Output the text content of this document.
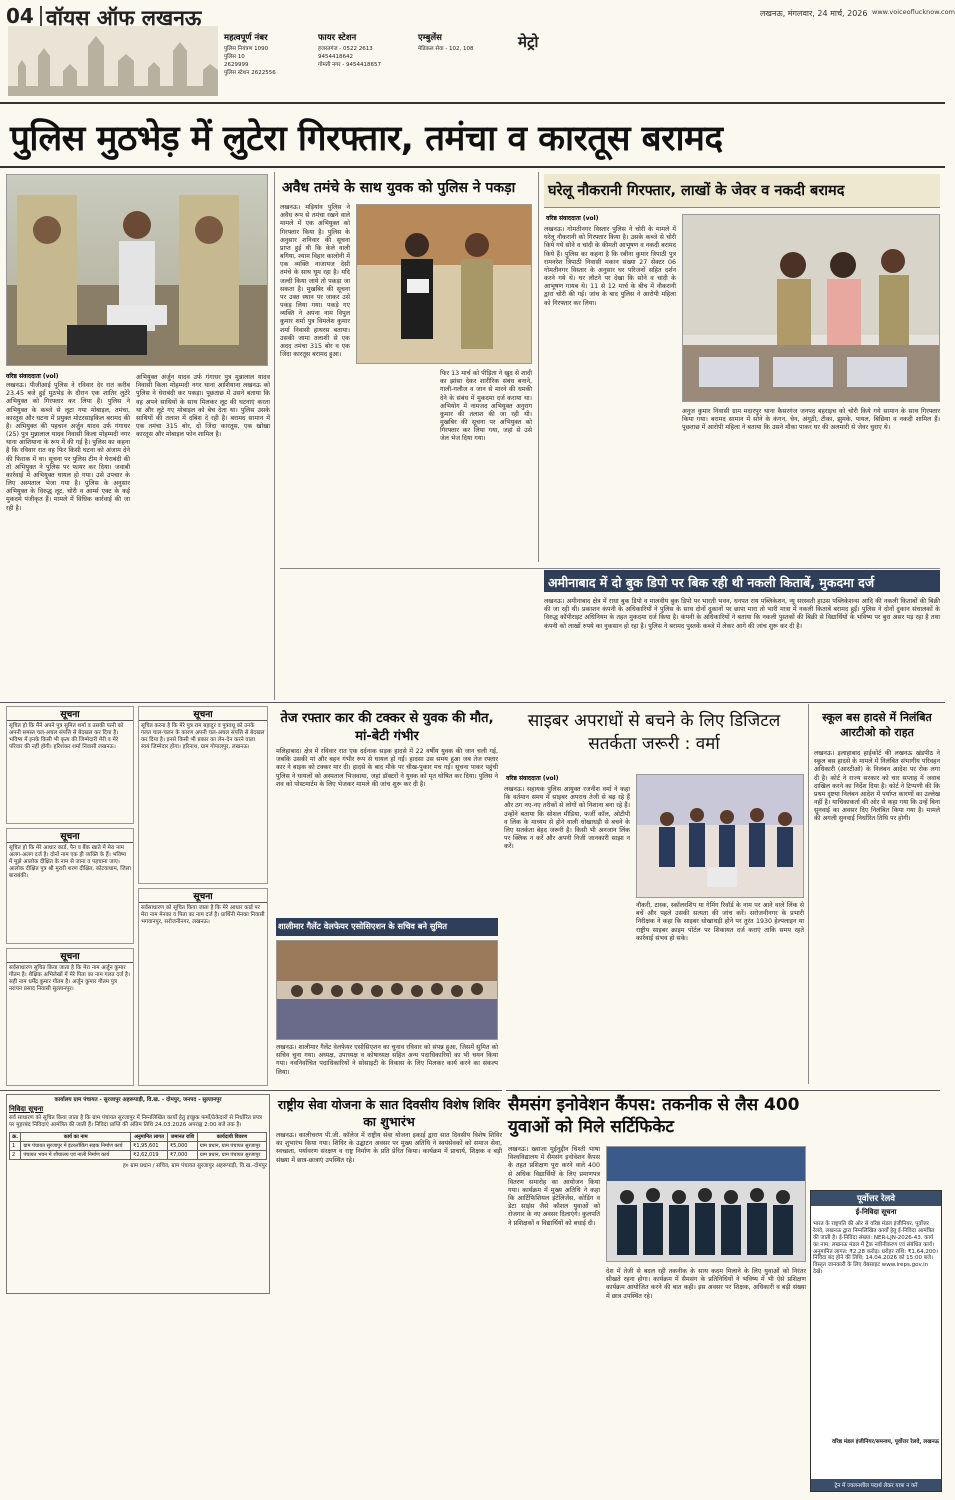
04 वॉयस ऑफ लखनऊ	लखनऊ, मंगलवार, 24 मार्च, 2026 www.voiceoflucknow.com
महत्वपूर्ण नंबर

पुलिस नियंत्रण 1090

पुलिस 10

2629999

पुलिस स्टेशन 2622556

फायर स्टेशन

हजरतगंज - 0522 2613

9454418642

गोमती नगर - 9454418657

एम्बुलेंस

मेडिकल सेवा - 102, 108	मेट्रो
पुलिस मुठभेड़ में लुटेरा गिरफ्तार, तमंचा व कारतूस बरामद
वरिष्ठ संवाददाता (vol)
लखनऊ। पीजीआई पुलिस ने रविवार देर रात करीब 23.45 बजे हुई मुठभेड़ के दौरान एक शातिर लुटेरे अभियुक्त को गिरफ्तार कर लिया है। पुलिस ने अभियुक्त के कब्जे से लूटा गया मोबाइल, तमंचा, कारतूस और घटना में प्रयुक्त मोटरसाइकिल बरामद की है। अभियुक्त की पहचान अर्जुन यादव उर्फ गंगाधर (25) पुत्र मुन्नालाल यादव निवासी किला मोहम्मदी नगर थाना आशियाना के रूप में की गई है। पुलिस का कहना है कि रविवार रात वह फिर किसी घटना को अंजाम देने की फिराक में था। सूचना पर पुलिस टीम ने घेराबंदी की तो अभियुक्त ने पुलिस पर फायर कर दिया। जवाबी कार्रवाई में अभियुक्त घायल हो गया। उसे उपचार के लिए अस्पताल भेजा गया है। पुलिस के अनुसार अभियुक्त के विरुद्ध लूट, चोरी व आर्म्स एक्ट के कई मुकदमे पंजीकृत हैं। मामले में विधिक कार्रवाई की जा रही है।
अभियुक्त अर्जुन यादव उर्फ गंगाधर पुत्र मुन्नालाल यादव निवासी किला मोहम्मदी नगर थाना आशियाना लखनऊ को पुलिस ने घेराबंदी कर पकड़ा। पूछताछ में उसने बताया कि वह अपने साथियों के साथ मिलकर लूट की घटनाएं करता था और लूटे गए मोबाइल को बेच देता था। पुलिस उसके साथियों की तलाश में दबिश दे रही है। बरामद सामान में एक तमंचा 315 बोर, दो जिंदा कारतूस, एक खोखा कारतूस और मोबाइल फोन शामिल है।
अवैध तमंचे के साथ युवक को पुलिस ने पकड़ा
लखनऊ। मड़ियांव पुलिस ने अवैध रूप से तमंचा रखने वाले मामले में एक अभियुक्त को गिरफ्तार किया है। पुलिस के अनुसार शनिवार की सूचना प्राप्त हुई थी कि केले वाली बगिया, श्याम विहार कालोनी में एक व्यक्ति नाजायज देसी तमंचे के साथ घूम रहा है। यदि जल्दी किया जाये तो पकड़ा जा सकता है। मुखबिर की सूचना पर उक्त स्थान पर जाकर उसे पकड़ लिया गया। पकड़े गए व्यक्ति ने अपना नाम विपुल कुमार शर्मा पुत्र विमलेश कुमार शर्मा निवासी हाथरस बताया। उसकी जामा तलाशी से एक अदद तमंचा 315 बोर व एक जिंदा कारतूस बरामद हुआ।
फिर 13 मार्च को पीड़िता ने खुद से शादी का झांसा देकर शारीरिक संबंध बनाने, गाली-गलौज व जान से मारने की धमकी देने के संबंध में मुकदमा दर्ज कराया था। अभियोग में नामजद अभियुक्त अनुराग कुमार की तलाश की जा रही थी। मुखबिर की सूचना पर अभियुक्त को गिरफ्तार कर लिया गया, जहां से उसे जेल भेज दिया गया।
घरेलू नौकरानी गिरफ्तार, लाखों के जेवर व नकदी बरामद
वरिष्ठ संवाददाता (vol)
लखनऊ। गोमतीनगर विस्तार पुलिस ने चोरी के मामले में घरेलू नौकरानी को गिरफ्तार किया है। उसके कब्जे से चोरी किये गये सोने व चांदी के कीमती आभूषण व नकदी बरामद किये हैं। पुलिस का कहना है कि रबीना कुमार त्रिपाठी पुत्र रामनरेश त्रिपाठी निवासी मकान संख्या 27 सेक्टर 06 गोमतीनगर विस्तार के अनुसार घर परिजनों सहित दर्शन करने गये थे। घर लौटने पर देखा कि सोने व चांदी के आभूषण गायब थे। 11 से 12 मार्च के बीच में नौकरानी द्वारा चोरी की गई। जांच के बाद पुलिस ने आरोपी महिला को गिरफ्तार कर लिया।
अनुज कुमार निवासी ग्राम मदारपुर थाना कैसरगंज जनपद बहराइच को चोरी किये गये सामान के साथ गिरफ्तार किया गया। बरामद सामान में सोने के कंगन, चेन, अंगूठी, टीका, झुमके, पायल, बिछिया व नकदी शामिल हैं। पूछताछ में आरोपी महिला ने बताया कि उसने मौका पाकर घर की अलमारी से जेवर चुराए थे।
अमीनाबाद में दो बुक डिपो पर बिक रही थी नकली किताबें, मुकदमा दर्ज
लखनऊ। अमीनाबाद क्षेत्र में राधा बुक डिपो व मालवीय बुक डिपो पर भारती भवन, धनपत राय पब्लिकेशन, न्यू सरस्वती हाउस पब्लिकेशन्स आदि की नकली किताबों की बिक्री की जा रही थी। प्रकाशन कंपनी के अधिकारियों ने पुलिस के साथ दोनों दुकानों पर छापा मारा तो भारी मात्रा में नकली किताबें बरामद हुईं। पुलिस ने दोनों दुकान संचालकों के विरुद्ध कॉपीराइट अधिनियम के तहत मुकदमा दर्ज किया है। कंपनी के अधिकारियों ने बताया कि नकली पुस्तकों की बिक्री से विद्यार्थियों के भविष्य पर बुरा असर पड़ रहा है तथा कंपनी को लाखों रुपये का नुकसान हो रहा है। पुलिस ने बरामद पुस्तकें कब्जे में लेकर आगे की जांच शुरू कर दी है।
सूचना
सूचित हो कि मैंने अपने पुत्र सुमित शर्मा व उसकी पत्नी को अपनी समस्त चल-अचल संपत्ति से बेदखल कर दिया है। भविष्य में इनके किसी भी कृत्य की जिम्मेदारी मेरी व मेरे परिवार की नहीं होगी। हरिशंकर शर्मा निवासी लखनऊ।
सूचना
सूचित हो कि मेरे आधार कार्ड, पैन व बैंक खाते में मेरा नाम अलग-अलग दर्ज है। दोनों नाम एक ही व्यक्ति के हैं। भविष्य में मुझे आलोक दीक्षित के नाम से जाना व पहचाना जाए। आलोक दीक्षित पुत्र श्री मुरारी शरण दीक्षित, कोटवाधाम, जिला बाराबंकी।
सूचना
सर्वसाधारण सूचित किया जाता है कि मेरा नाम अर्जुन कुमार गौतम है। शैक्षिक अभिलेखों में मेरे पिता का नाम गलत दर्ज है। सही नाम धर्मेंद्र कुमार गौतम है। अर्जुन कुमार गौतम पुत्र नरायन प्रसाद निवासी सुल्तानपुर।
सूचना
सूचित करना है कि मेरे पुत्र राम बहादुर व पुत्रवधू को उनके गलत चाल-चलन के कारण अपनी चल-अचल संपत्ति से बेदखल कर दिया है। इनसे किसी भी प्रकार का लेन-देन करने वाला स्वयं जिम्मेदार होगा। हरिनाथ, ग्राम गोपालपुर, लखनऊ।
सूचना
सर्वसाधारण को सूचित किया जाता है कि मेरे आधार कार्ड पर मेरा नाम मेनका व पिता का नाम दर्ज है। प्रार्थिनी मेनका निवासी भगवानपुर, सरोजनीनगर, लखनऊ।
तेज रफ्तार कार की टक्कर से युवक की मौत, मां-बेटी गंभीर
मलिहाबाद। क्षेत्र में रविवार रात एक दर्दनाक सड़क हादसे में 22 वर्षीय युवक की जान चली गई, जबकि उसकी मां और बहन गंभीर रूप से घायल हो गईं। हादसा उस समय हुआ जब तेज रफ्तार कार ने बाइक को टक्कर मार दी। हादसे के बाद मौके पर चीख-पुकार मच गई। सूचना पाकर पहुंची पुलिस ने घायलों को अस्पताल भिजवाया, जहां डॉक्टरों ने युवक को मृत घोषित कर दिया। पुलिस ने शव को पोस्टमार्टम के लिए भेजकर मामले की जांच शुरू कर दी है।
शालीमार गैलेंट वेलफेयर एसोसिएशन के सचिव बने सुमित
लखनऊ। शालीमार गैलेंट वेलफेयर एसोसिएशन का चुनाव रविवार को संपन्न हुआ, जिसमें सुमित को सचिव चुना गया। अध्यक्ष, उपाध्यक्ष व कोषाध्यक्ष सहित अन्य पदाधिकारियों का भी चयन किया गया। नवनिर्वाचित पदाधिकारियों ने सोसाइटी के विकास के लिए मिलकर कार्य करने का संकल्प लिया।
साइबर अपराधों से बचने के लिए डिजिटल सतर्कता जरूरी : वर्मा
वरिष्ठ संवाददाता (vol)
लखनऊ। सहायक पुलिस आयुक्त रजनीश वर्मा ने कहा कि वर्तमान समय में साइबर अपराध तेजी से बढ़ रहे हैं और ठग नए-नए तरीकों से लोगों को निशाना बना रहे हैं। उन्होंने बताया कि सोशल मीडिया, फर्जी कॉल, ओटीपी व लिंक के माध्यम से होने वाली धोखाधड़ी से बचने के लिए सतर्कता बेहद जरूरी है। किसी भी अनजान लिंक पर क्लिक न करें और अपनी निजी जानकारी साझा न करें।
नौकरी, टास्क, स्कॉलरशिप या गेमिंग रिवॉर्ड के नाम पर आने वाले लिंक से बचें और पहले उसकी सत्यता की जांच करें। सरोजनीनगर के प्रभारी निरीक्षक ने कहा कि साइबर धोखाधड़ी होने पर तुरंत 1930 हेल्पलाइन या राष्ट्रीय साइबर क्राइम पोर्टल पर शिकायत दर्ज कराएं ताकि समय रहते कार्रवाई संभव हो सके।
स्कूल बस हादसे में निलंबित आरटीओ को राहत
लखनऊ। इलाहाबाद हाईकोर्ट की लखनऊ खंडपीठ ने स्कूल बस हादसे के मामले में निलंबित संभागीय परिवहन अधिकारी (आरटीओ) के निलंबन आदेश पर रोक लगा दी है। कोर्ट ने राज्य सरकार को चार सप्ताह में जवाब दाखिल करने का निर्देश दिया है। कोर्ट ने टिप्पणी की कि प्रथम दृष्टया निलंबन आदेश में पर्याप्त कारणों का उल्लेख नहीं है। याचिकाकर्ता की ओर से कहा गया कि उन्हें बिना सुनवाई का अवसर दिए निलंबित किया गया है। मामले की अगली सुनवाई निर्धारित तिथि पर होगी।
कार्यालय ग्राम पंचायत - सुरजापुर अहरूपाड़ी, वि.ख. - दोमपुर, जनपद - सुल्तानपुर
निविदा सूचना
सर्व साधारण को सूचित किया जाता है कि ग्राम पंचायत सुरजापुर में निम्नलिखित कार्यों हेतु इच्छुक फर्मों/ठेकेदारों से निर्धारित प्रपत्र पर मुहरबंद निविदाएं आमंत्रित की जाती हैं। निविदा प्राप्ति की अंतिम तिथि 24.03.2026 अपराह्न 2:00 बजे तक है।
क्र.	कार्य का नाम	अनुमानित लागत	जमानत राशि	कार्यदायी विवरण
1	ग्राम पंचायत सुरजापुर में इंटरलॉकिंग सड़क निर्माण कार्य	₹1,95,601	₹5,000	ग्राम प्रधान, ग्राम पंचायत सुरजापुर
2	पंचायत भवन में शौचालय एवं नाली निर्माण कार्य	₹2,62,019	₹7,000	ग्राम प्रधान, ग्राम पंचायत सुरजापुर
ह० ग्राम प्रधान / सचिव, ग्राम पंचायत सुरजापुर अहरूपाड़ी, वि.ख.-दोमपुर
राष्ट्रीय सेवा योजना के सात दिवसीय विशेष शिविर का शुभारंभ
लखनऊ। कालीचरण पी.जी. कॉलेज में राष्ट्रीय सेवा योजना इकाई द्वारा सात दिवसीय विशेष शिविर का शुभारंभ किया गया। शिविर के उद्घाटन अवसर पर मुख्य अतिथि ने स्वयंसेवकों को समाज सेवा, स्वच्छता, पर्यावरण संरक्षण व राष्ट्र निर्माण के प्रति प्रेरित किया। कार्यक्रम में प्राचार्य, शिक्षक व बड़ी संख्या में छात्र-छात्राएं उपस्थित रहे।
सैमसंग इनोवेशन कैंपस: तकनीक से लैस 400 युवाओं को मिले सर्टिफिकेट
लखनऊ। ख्वाजा मुईनुद्दीन चिश्ती भाषा विश्वविद्यालय में सैमसंग इनोवेशन कैंपस के तहत प्रशिक्षण पूरा करने वाले 400 से अधिक विद्यार्थियों के लिए प्रमाणपत्र वितरण समारोह का आयोजन किया गया। कार्यक्रम में मुख्य अतिथि ने कहा कि आर्टिफिशियल इंटेलिजेंस, कोडिंग व डेटा साइंस जैसे कौशल युवाओं को रोजगार के नए अवसर दिलाएंगे। कुलपति ने प्रशिक्षकों व विद्यार्थियों को बधाई दी।
देश में तेजी से बदल रही तकनीक के साथ कदम मिलाने के लिए युवाओं को निरंतर सीखते रहना होगा। कार्यक्रम में सैमसंग के प्रतिनिधियों ने भविष्य में भी ऐसे प्रशिक्षण कार्यक्रम आयोजित करने की बात कही। इस अवसर पर शिक्षक, अधिकारी व बड़ी संख्या में छात्र उपस्थित रहे।
पूर्वोत्तर रेलवे
ई-निविदा सूचना
भारत के राष्ट्रपति की ओर से वरिष्ठ मंडल इंजीनियर, पूर्वोत्तर रेलवे, लखनऊ द्वारा निम्नलिखित कार्यों हेतु ई-निविदा आमंत्रित की जाती है। ई-निविदा संख्या: NER-LJN-2026-43. कार्य का नाम: लखनऊ मंडल में ट्रैक नवीनीकरण एवं संबंधित कार्य। अनुमानित लागत: ₹2.28 करोड़। धरोहर राशि: ₹1,64,200। निविदा बंद होने की तिथि: 14.04.2026 को 15:00 बजे। विस्तृत जानकारी के लिए वेबसाइट www.ireps.gov.in देखें।
वरिष्ठ मंडल इंजीनियर/समन्वय, पूर्वोत्तर रेलवे, लखनऊ
ट्रेन में ज्वलनशील पदार्थ लेकर यात्रा न करें
